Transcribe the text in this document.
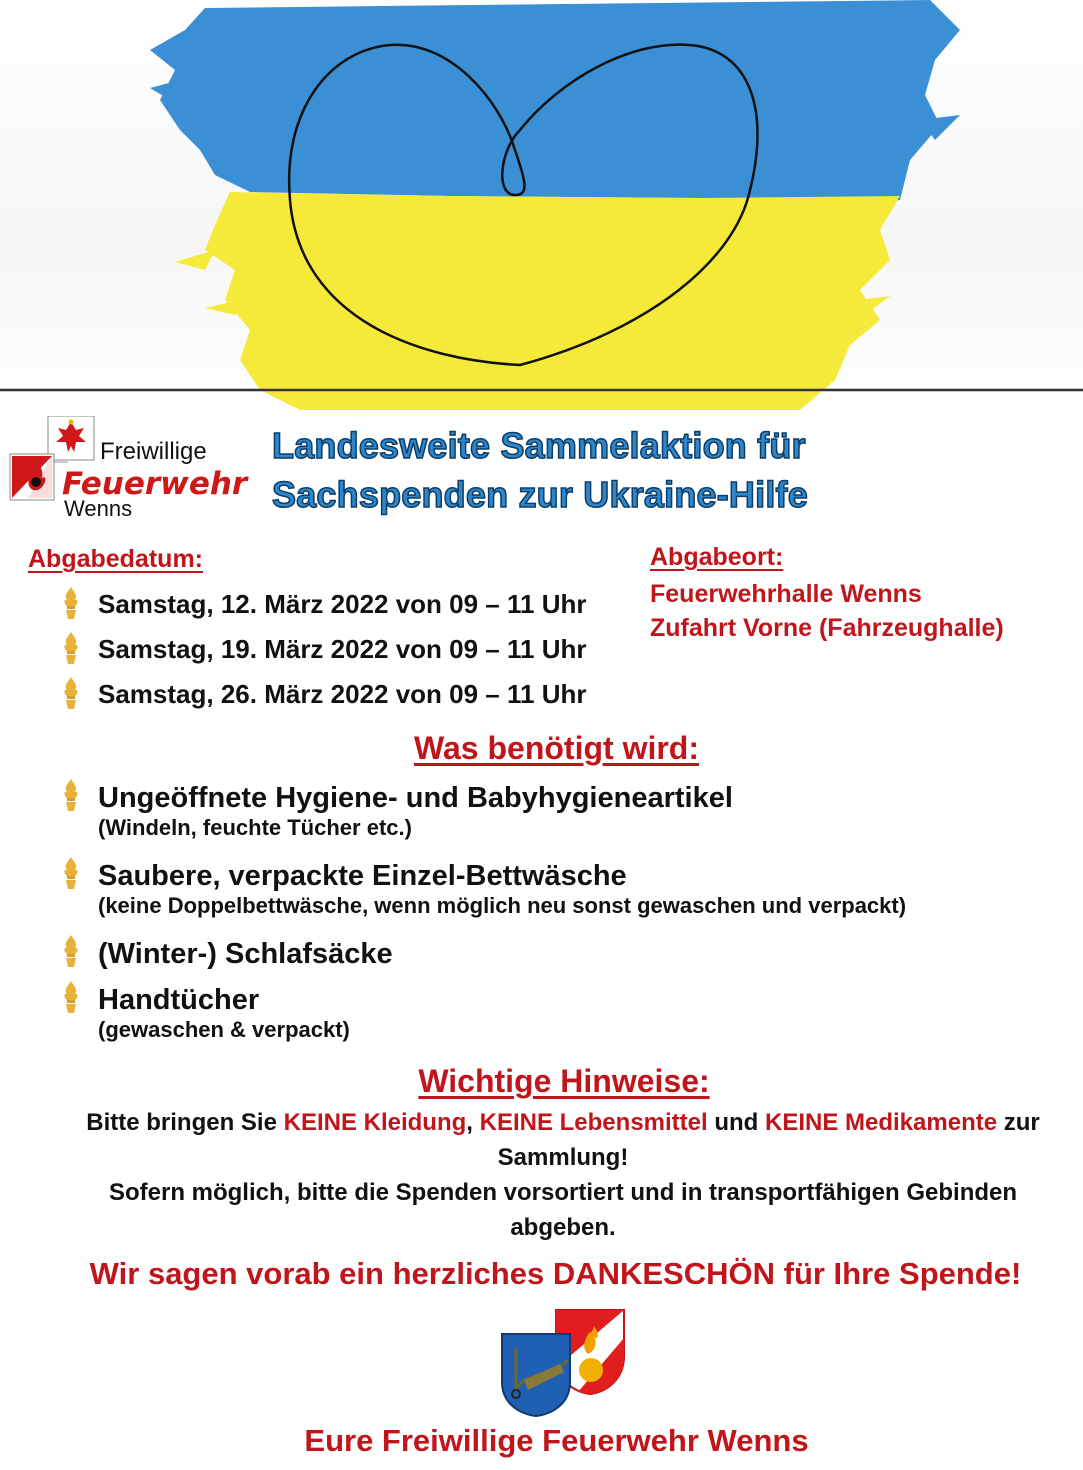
Freiwillige
Feuerwehr
Wenns
Landesweite Sammelaktion für
Sachspenden zur Ukraine-Hilfe
Abgabedatum:
Samstag, 12. März 2022 von 09 – 11 Uhr
Samstag, 19. März 2022 von 09 – 11 Uhr
Samstag, 26. März 2022 von 09 – 11 Uhr
Abgabeort:
Feuerwehrhalle Wenns
Zufahrt Vorne (Fahrzeughalle)
Was benötigt wird:
Ungeöffnete Hygiene- und Babyhygieneartikel
(Windeln, feuchte Tücher etc.)
Saubere, verpackte Einzel-Bettwäsche
(keine Doppelbettwäsche, wenn möglich neu sonst gewaschen und verpackt)
(Winter-) Schlafsäcke
Handtücher
(gewaschen & verpackt)
Wichtige Hinweise:
Bitte bringen Sie KEINE Kleidung, KEINE Lebensmittel und KEINE Medikamente zur Sammlung!
Sofern möglich, bitte die Spenden vorsortiert und in transportfähigen Gebinden abgeben.
Wir sagen vorab ein herzliches DANKESCHÖN für Ihre Spende!
Eure Freiwillige Feuerwehr Wenns
